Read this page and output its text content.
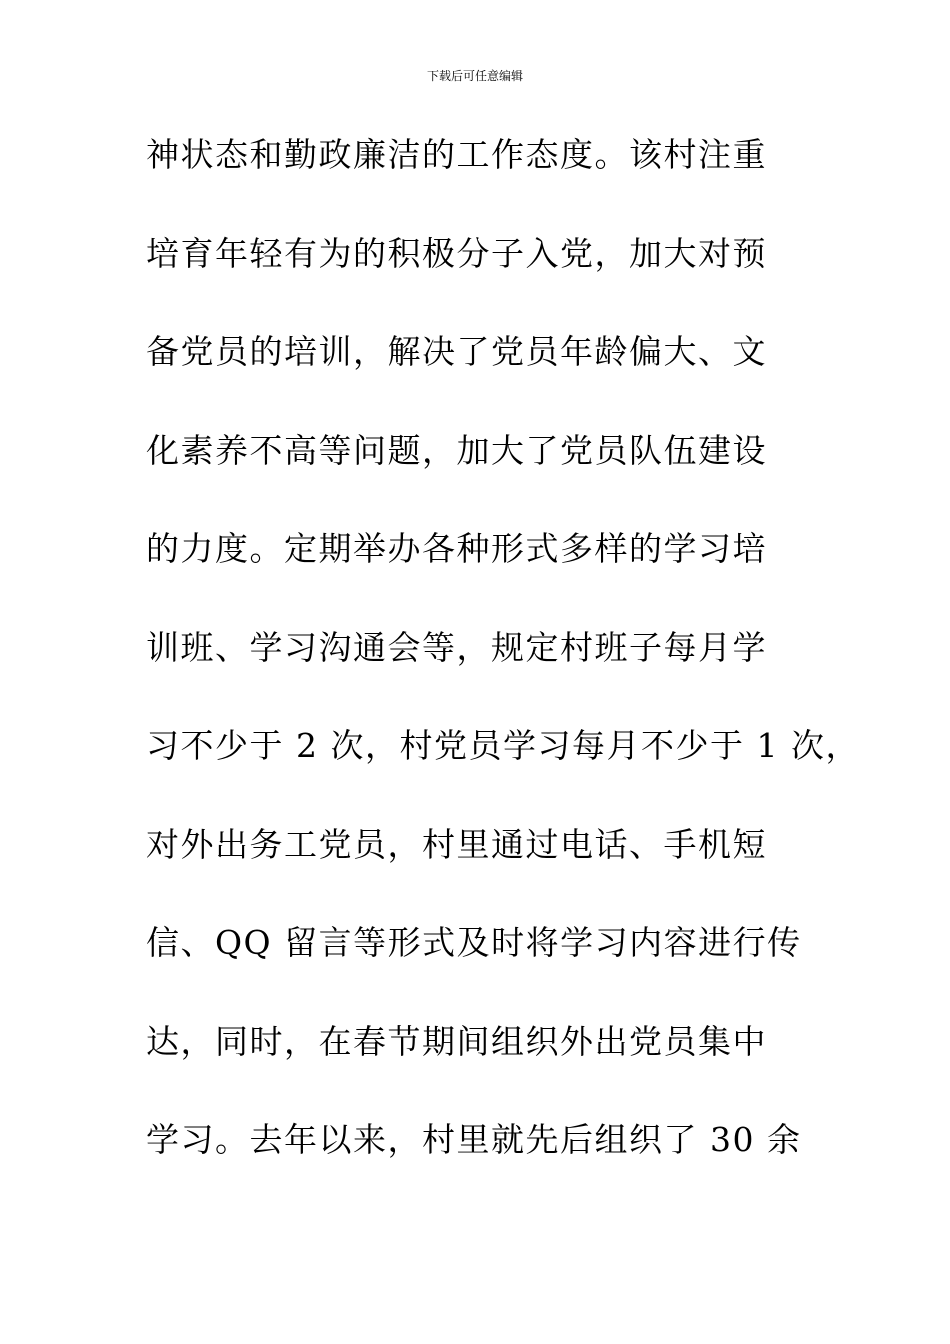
下载后可任意编辑
神状态和勤政廉洁的工作态度。该村注重
培育年轻有为的积极分子入党，加大对预
备党员的培训，解决了党员年龄偏大、文
化素养不高等问题，加大了党员队伍建设
的力度。定期举办各种形式多样的学习培
训班、学习沟通会等，规定村班子每月学
习不少于 2 次，村党员学习每月不少于 1 次，
对外出务工党员，村里通过电话、手机短
信、QQ 留言等形式及时将学习内容进行传
达，同时，在春节期间组织外出党员集中
学习。去年以来，村里就先后组织了 30 余
